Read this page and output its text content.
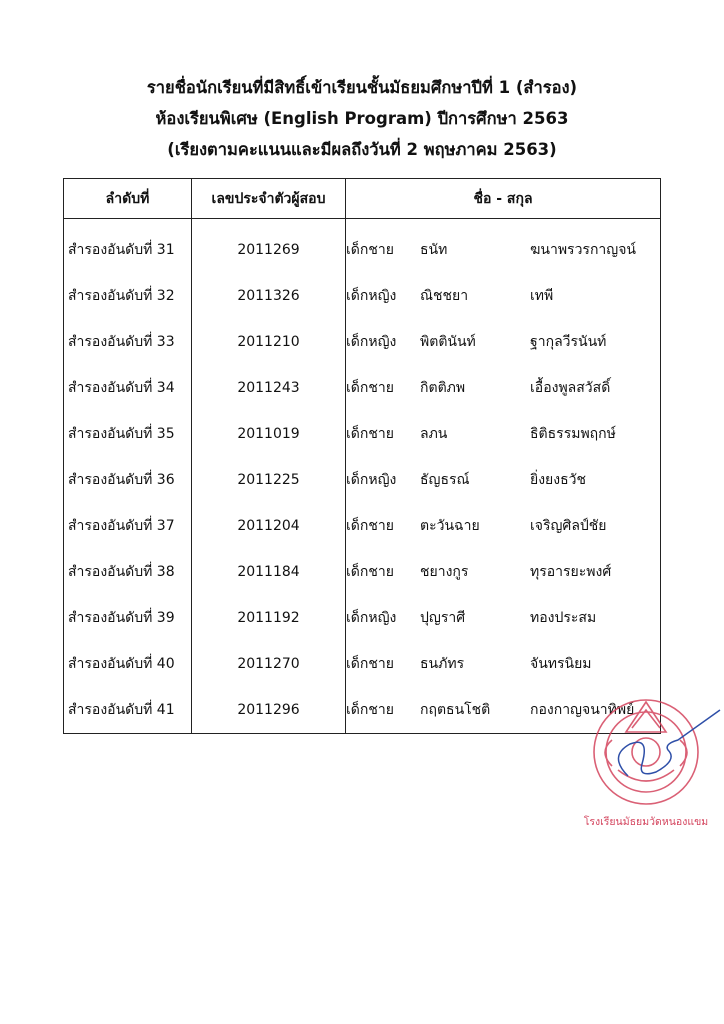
รายชื่อนักเรียนที่มีสิทธิ์เข้าเรียนชั้นมัธยมศึกษาปีที่ 1 (สำรอง)
ห้องเรียนพิเศษ (English Program) ปีการศึกษา 2563
(เรียงตามคะแนนและมีผลถึงวันที่ 2 พฤษภาคม 2563)
ลำดับที่	เลขประจำตัวผู้สอบ	ชื่อ - สกุล
สำรองอันดับที่ 31	2011269	เด็กชาย ธนัท ฆนาพรวรกาญจน์
สำรองอันดับที่ 32	2011326	เด็กหญิง ณิชชยา เทพี
สำรองอันดับที่ 33	2011210	เด็กหญิง พิตตินันท์ ฐากุลวีรนันท์
สำรองอันดับที่ 34	2011243	เด็กชาย กิตติภพ เอื้องพูลสวัสดิ์
สำรองอันดับที่ 35	2011019	เด็กชาย ลภน ธิติธรรมพฤกษ์
สำรองอันดับที่ 36	2011225	เด็กหญิง ธัญธรณ์ ยิ่งยงธวัช
สำรองอันดับที่ 37	2011204	เด็กชาย ตะวันฉาย เจริญศิลป์ชัย
สำรองอันดับที่ 38	2011184	เด็กชาย ชยางกูร ทุรอารยะพงศ์
สำรองอันดับที่ 39	2011192	เด็กหญิง ปุญราศี ทองประสม
สำรองอันดับที่ 40	2011270	เด็กชาย ธนภัทร จันทรนิยม
สำรองอันดับที่ 41	2011296	เด็กชาย กฤตธนโชติ กองกาญจนาทิพย์
โรงเรียนมัธยมวัดหนองแขม
